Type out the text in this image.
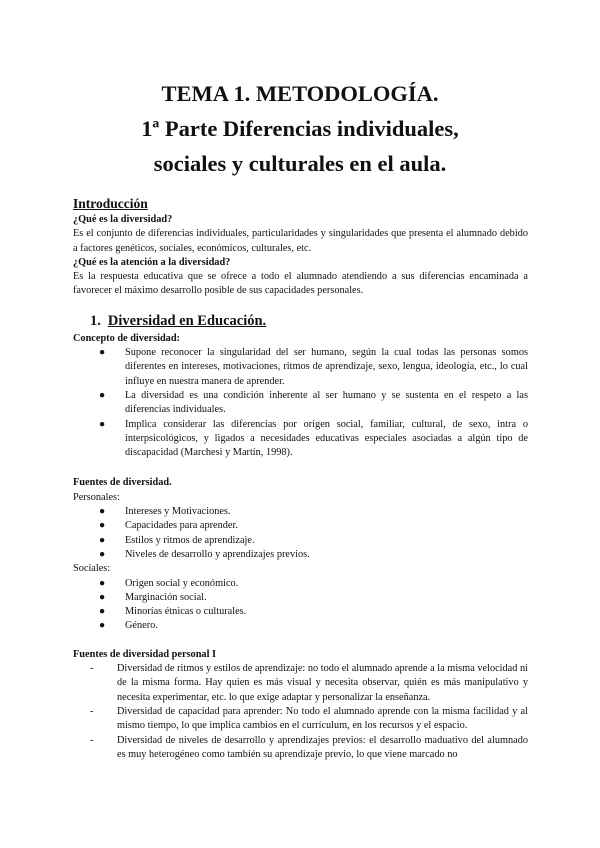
TEMA 1. METODOLOGÍA.

1ª Parte Diferencias individuales,

sociales y culturales en el aula.

Introducción

¿Qué es la diversidad?

Es el conjunto de diferencias individuales, particularidades y singularidades que presenta el alumnado debido a factores genéticos, sociales, económicos, culturales, etc.

¿Qué es la atención a la diversidad?

Es la respuesta educativa que se ofrece a todo el alumnado atendiendo a sus diferencias encaminada a favorecer el máximo desarrollo posible de sus capacidades personales.

1. Diversidad en Educación.

Concepto de diversidad:

● Supone reconocer la singularidad del ser humano, según la cual todas las personas somos diferentes en intereses, motivaciones, ritmos de aprendizaje, sexo, lengua, ideología, etc., lo cual influye en nuestra manera de aprender.
● La diversidad es una condición inherente al ser humano y se sustenta en el respeto a las diferencias individuales.
● Implica considerar las diferencias por origen social, familiar, cultural, de sexo, intra o interpsicológicos, y ligados a necesidades educativas especiales asociadas a algún tipo de discapacidad (Marchesi y Martín, 1998).

Fuentes de diversidad.

Personales:

● Intereses y Motivaciones.
● Capacidades para aprender.
● Estilos y ritmos de aprendizaje.
● Niveles de desarrollo y aprendizajes previos.

Sociales:

● Origen social y económico.
● Marginación social.
● Minorías étnicas o culturales.
● Género.

Fuentes de diversidad personal I

- Diversidad de ritmos y estilos de aprendizaje: no todo el alumnado aprende a la misma velocidad ni de la misma forma. Hay quien es más visual y necesita observar, quién es más manipulativo y necesita experimentar, etc. lo que exige adaptar y personalizar la enseñanza.
- Diversidad de capacidad para aprender: No todo el alumnado aprende con la misma facilidad y al mismo tiempo, lo que implica cambios en el currículum, en los recursos y el espacio.
- Diversidad de niveles de desarrollo y aprendizajes previos: el desarrollo maduativo del alumnado es muy heterogéneo como también su aprendizaje previo, lo que viene marcado no
